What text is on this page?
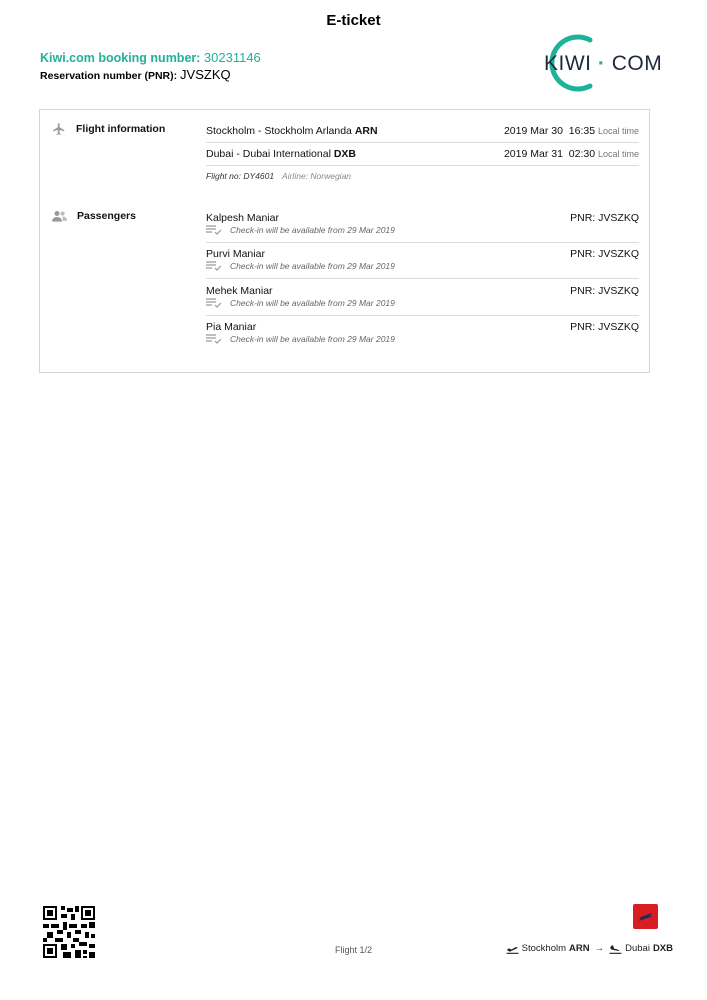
E-ticket
Kiwi.com booking number: 30231146
Reservation number (PNR): JVSZKQ	KIWI · COM
Flight information	Stockholm - Stockholm Arlanda ARN	2019 Mar 30 16:35 Local time
Dubai - Dubai International DXB	2019 Mar 31 02:30 Local time
Flight no: DY4601 Airline: Norwegian
Passengers	Kalpesh Maniar	PNR: JVSZKQ
Check-in will be available from 29 Mar 2019
Purvi Maniar	PNR: JVSZKQ
Check-in will be available from 29 Mar 2019
Mehek Maniar	PNR: JVSZKQ
Check-in will be available from 29 Mar 2019
Pia Maniar	PNR: JVSZKQ
Check-in will be available from 29 Mar 2019
Flight 1/2	Stockholm ARN → Dubai DXB
